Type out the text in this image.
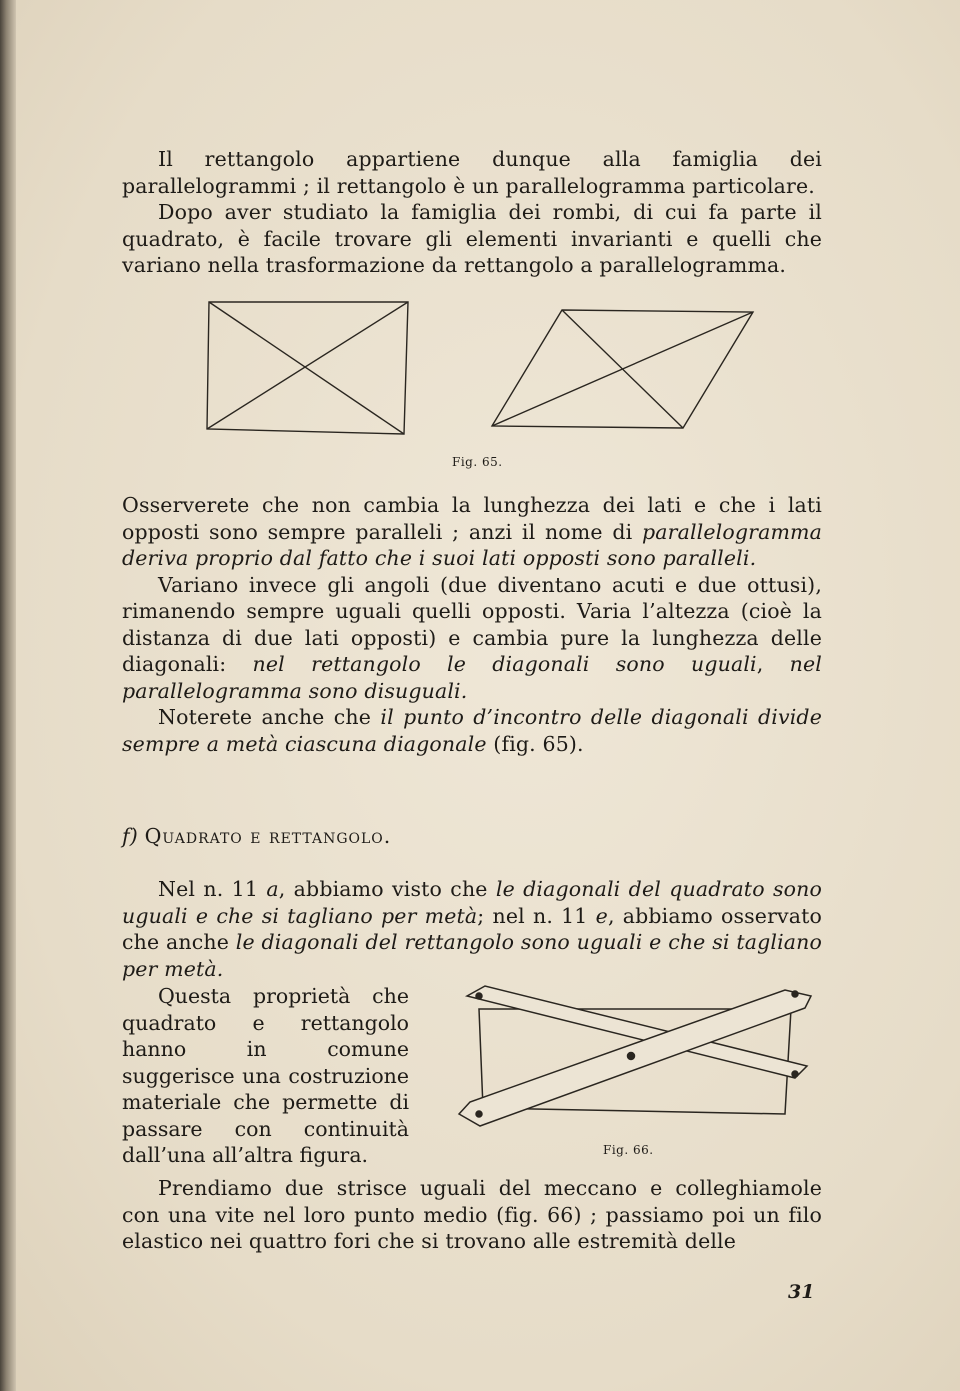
Il rettangolo appartiene dunque alla famiglia dei parallelogrammi ; il rettangolo è un parallelogramma particolare.

Dopo aver studiato la famiglia dei rombi, di cui fa parte il quadrato, è facile trovare gli elementi invarianti e quelli che variano nella trasformazione da rettangolo a parallelogramma.

Fig. 65.

Osserverete che non cambia la lunghezza dei lati e che i lati opposti sono sempre paralleli ; anzi il nome di parallelogramma deriva proprio dal fatto che i suoi lati opposti sono paralleli.

Variano invece gli angoli (due diventano acuti e due ottusi), rimanendo sempre uguali quelli opposti. Varia l’altezza (cioè la distanza di due lati opposti) e cambia pure la lunghezza delle diagonali: nel rettangolo le diagonali sono uguali, nel parallelogramma sono disuguali.

Noterete anche che il punto d’incontro delle diagonali divide sempre a metà ciascuna diagonale (fig. 65).

f) Quadrato e rettangolo.

Nel n. 11 a, abbiamo visto che le diagonali del quadrato sono uguali e che si tagliano per metà; nel n. 11 e, abbiamo osservato che anche le diagonali del rettangolo sono uguali e che si tagliano per metà.

Questa proprietà che quadrato e rettangolo hanno in comune suggerisce una costruzione materiale che permette di passare con continuità dall’una all’altra figura.	Fig. 66.

Prendiamo due strisce uguali del meccano e colleghiamole con una vite nel loro punto medio (fig. 66) ; passiamo poi un filo elastico nei quattro fori che si trovano alle estremità delle

31
